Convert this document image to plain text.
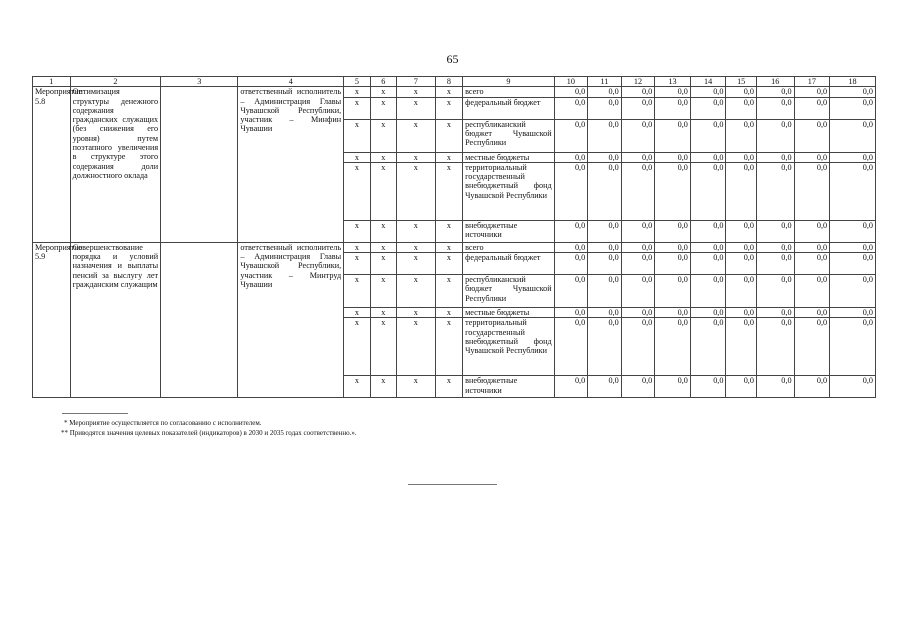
65
1	2	3	4	5	6	7	8	9	10	11	12	13	14	15	16	17	18
Мероприятие 5.8	Оптимизация структуры денежного содержания гражданских служащих (без снижения его уровня) путем поэтапного увеличения в структуре этого содержания доли должностного оклада		ответственный исполнитель – Администрация Главы Чувашской Республики, участник – Минфин Чувашии	x	x	x	x	всего	0,0	0,0	0,0	0,0	0,0	0,0	0,0	0,0	0,0
				x	x	x	x	федеральный бюджет	0,0	0,0	0,0	0,0	0,0	0,0	0,0	0,0	0,0
				x	x	x	x	республиканский бюджет Чувашской Республики	0,0	0,0	0,0	0,0	0,0	0,0	0,0	0,0	0,0
				x	x	x	x	местные бюджеты	0,0	0,0	0,0	0,0	0,0	0,0	0,0	0,0	0,0
				x	x	x	x	территориальный государственный внебюджетный фонд Чувашской Республики	0,0	0,0	0,0	0,0	0,0	0,0	0,0	0,0	0,0
				x	x	x	x	внебюджетные источники	0,0	0,0	0,0	0,0	0,0	0,0	0,0	0,0	0,0
Мероприятие 5.9	Совершенствование порядка и условий назначения и выплаты пенсий за выслугу лет гражданским служащим		ответственный исполнитель – Администрация Главы Чувашской Республики, участник – Минтруд Чувашии	x	x	x	x	всего	0,0	0,0	0,0	0,0	0,0	0,0	0,0	0,0	0,0
				x	x	x	x	федеральный бюджет	0,0	0,0	0,0	0,0	0,0	0,0	0,0	0,0	0,0
				x	x	x	x	республиканский бюджет Чувашской Республики	0,0	0,0	0,0	0,0	0,0	0,0	0,0	0,0	0,0
				x	x	x	x	местные бюджеты	0,0	0,0	0,0	0,0	0,0	0,0	0,0	0,0	0,0
				x	x	x	x	территориальный государственный внебюджетный фонд Чувашской Республики	0,0	0,0	0,0	0,0	0,0	0,0	0,0	0,0	0,0
				x	x	x	x	внебюджетные источники	0,0	0,0	0,0	0,0	0,0	0,0	0,0	0,0	0,0
* Мероприятие осуществляется по согласованию с исполнителем.
** Приводятся значения целевых показателей (индикаторов) в 2030 и 2035 годах соответственно.».
